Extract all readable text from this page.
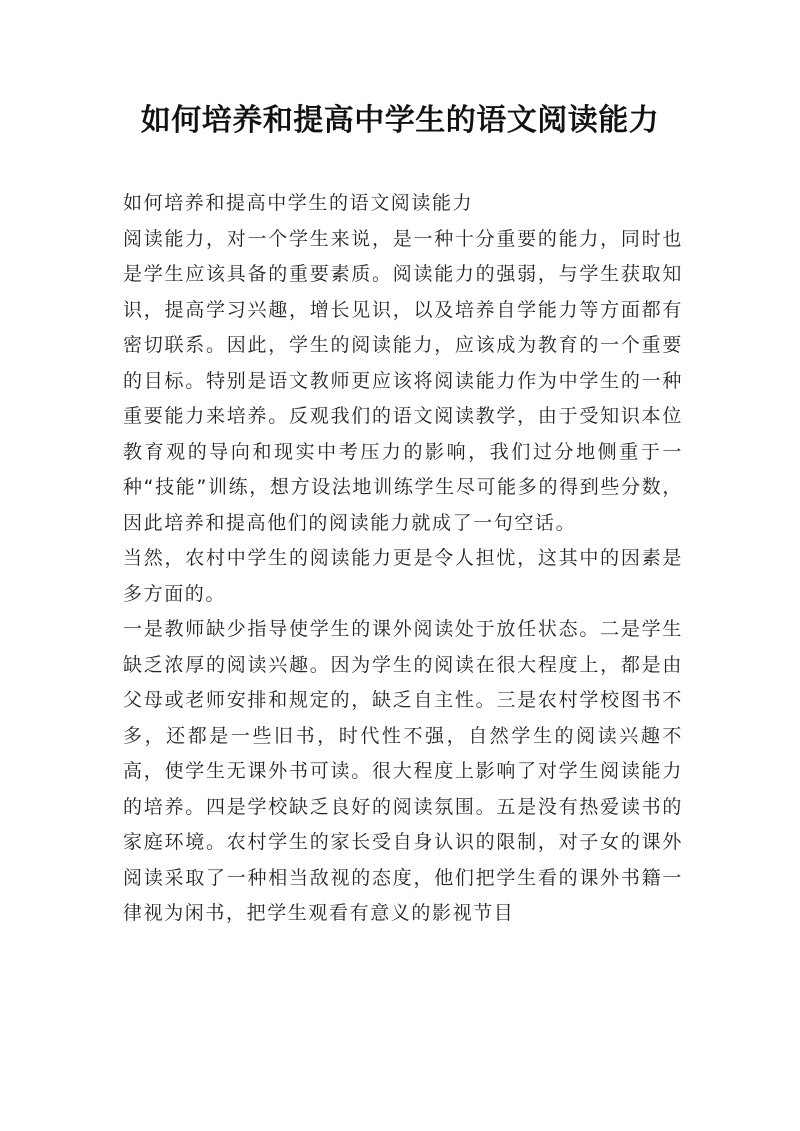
如何培养和提高中学生的语文阅读能力

如何培养和提高中学生的语文阅读能力

阅读能力，对一个学生来说，是一种十分重要的能力，同时也是学生应该具备的重要素质。阅读能力的强弱，与学生获取知识，提高学习兴趣，增长见识，以及培养自学能力等方面都有密切联系。因此，学生的阅读能力，应该成为教育的一个重要的目标。特别是语文教师更应该将阅读能力作为中学生的一种重要能力来培养。反观我们的语文阅读教学，由于受知识本位教育观的导向和现实中考压力的影响，我们过分地侧重于一种“技能”训练，想方设法地训练学生尽可能多的得到些分数，因此培养和提高他们的阅读能力就成了一句空话。

当然，农村中学生的阅读能力更是令人担忧，这其中的因素是多方面的。

一是教师缺少指导使学生的课外阅读处于放任状态。二是学生缺乏浓厚的阅读兴趣。因为学生的阅读在很大程度上，都是由父母或老师安排和规定的，缺乏自主性。三是农村学校图书不多，还都是一些旧书，时代性不强，自然学生的阅读兴趣不高，使学生无课外书可读。很大程度上影响了对学生阅读能力的培养。四是学校缺乏良好的阅读氛围。五是没有热爱读书的家庭环境。农村学生的家长受自身认识的限制，对子女的课外阅读采取了一种相当敌视的态度，他们把学生看的课外书籍一律视为闲书，把学生观看有意义的影视节目
